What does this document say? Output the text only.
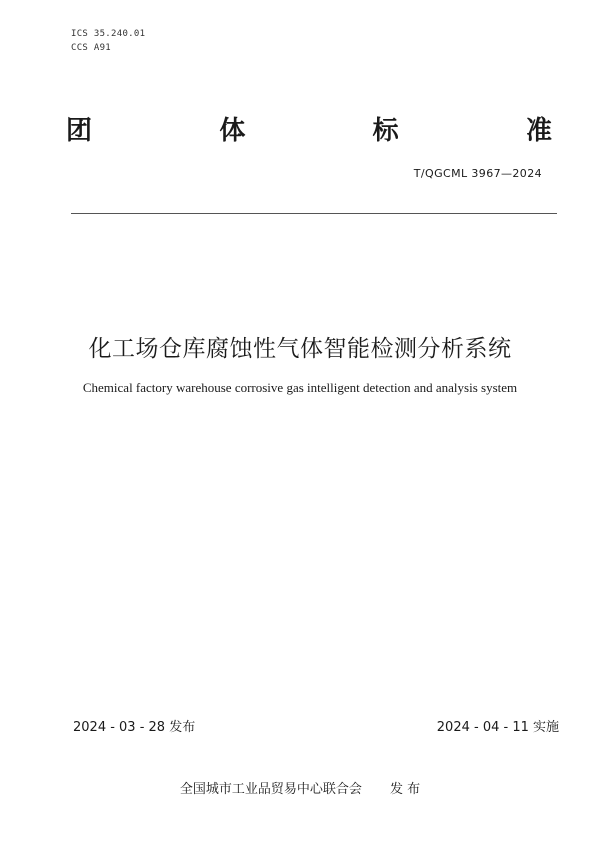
ICS 35.240.01
CCS A91
团	体	标	准
T/QGCML 3967—2024
化工场仓库腐蚀性气体智能检测分析系统
Chemical factory warehouse corrosive gas intelligent detection and analysis system
2024 - 03 - 28 发布	2024 - 04 - 11 实施
全国城市工业品贸易中心联合会 发 布
